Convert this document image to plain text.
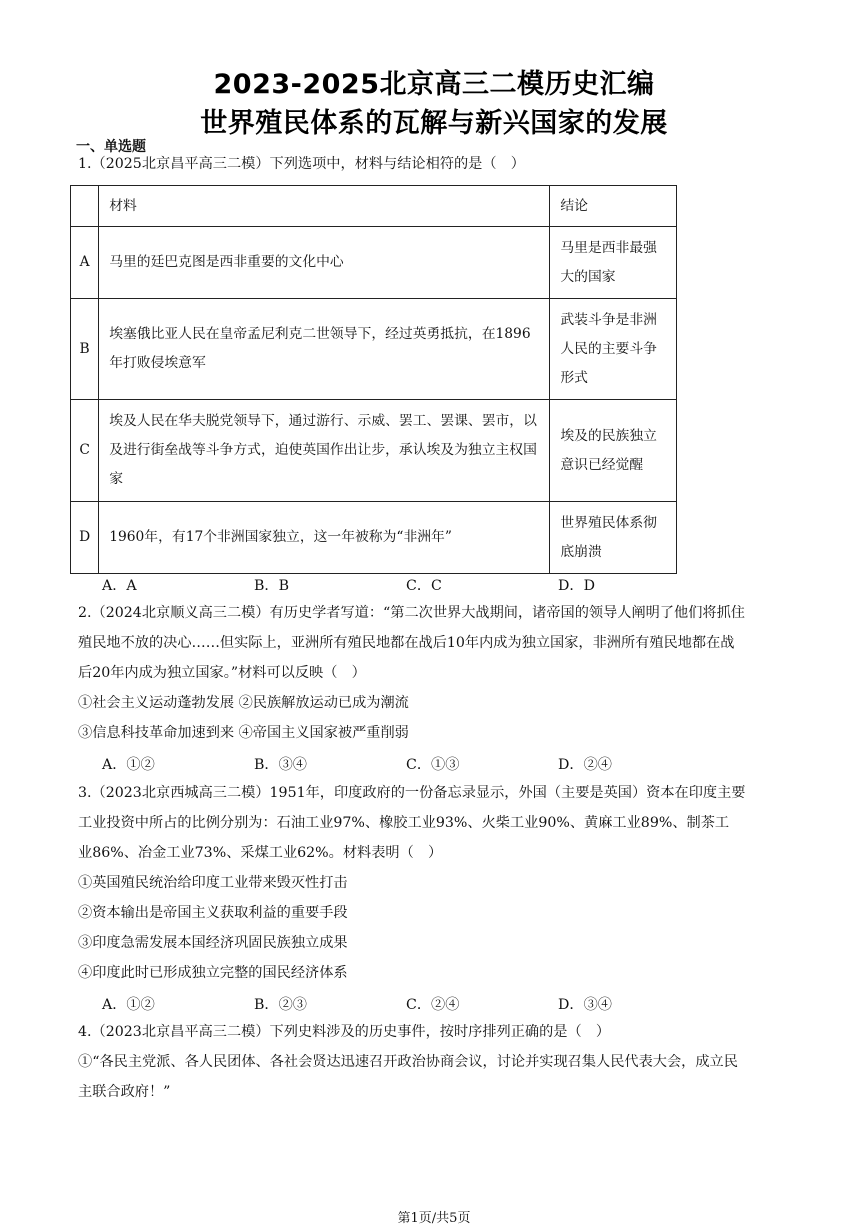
2023-2025北京高三二模历史汇编
世界殖民体系的瓦解与新兴国家的发展
一、单选题
1.（2025北京昌平高三二模）下列选项中，材料与结论相符的是（　）
	材料	结论
A	马里的廷巴克图是西非重要的文化中心	马里是西非最强大的国家
B	埃塞俄比亚人民在皇帝孟尼利克二世领导下，经过英勇抵抗，在1896年打败侵埃意军	武装斗争是非洲人民的主要斗争形式
C	埃及人民在华夫脱党领导下，通过游行、示威、罢工、罢课、罢市，以及进行街垒战等斗争方式，迫使英国作出让步，承认埃及为独立主权国家	埃及的民族独立意识已经觉醒
D	1960年，有17个非洲国家独立，这一年被称为“非洲年”	世界殖民体系彻底崩溃
A．A	B．B	C．C	D．D
2.（2024北京顺义高三二模）有历史学者写道：“第二次世界大战期间，诸帝国的领导人阐明了他们将抓住
殖民地不放的决心……但实际上，亚洲所有殖民地都在战后10年内成为独立国家，非洲所有殖民地都在战
后20年内成为独立国家。”材料可以反映（　）
①社会主义运动蓬勃发展 ②民族解放运动已成为潮流
③信息科技革命加速到来 ④帝国主义国家被严重削弱
A．①②	B．③④	C．①③	D．②④
3.（2023北京西城高三二模）1951年，印度政府的一份备忘录显示，外国（主要是英国）资本在印度主要
工业投资中所占的比例分别为：石油工业97%、橡胶工业93%、火柴工业90%、黄麻工业89%、制茶工
业86%、冶金工业73%、采煤工业62%。材料表明（　）
①英国殖民统治给印度工业带来毁灭性打击
②资本输出是帝国主义获取利益的重要手段
③印度急需发展本国经济巩固民族独立成果
④印度此时已形成独立完整的国民经济体系
A．①②	B．②③	C．②④	D．③④
4.（2023北京昌平高三二模）下列史料涉及的历史事件，按时序排列正确的是（　）
①“各民主党派、各人民团体、各社会贤达迅速召开政治协商会议，讨论并实现召集人民代表大会，成立民
主联合政府！”
第1页/共5页
